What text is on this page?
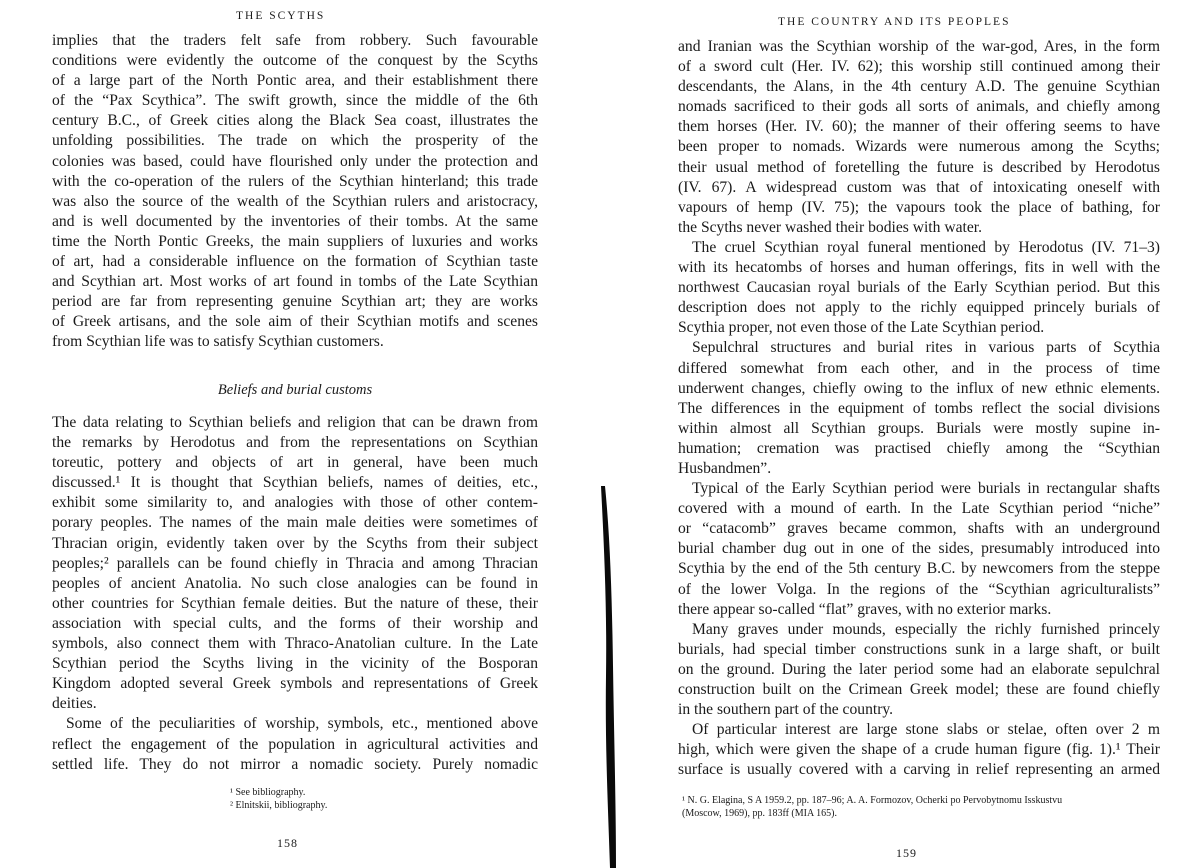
THE SCYTHS
implies that the traders felt safe from robbery. Such favourable
conditions were evidently the outcome of the conquest by the Scyths
of a large part of the North Pontic area, and their establishment there
of the “Pax Scythica”. The swift growth, since the middle of the 6th
century B.C., of Greek cities along the Black Sea coast, illustrates the
unfolding possibilities. The trade on which the prosperity of the
colonies was based, could have flourished only under the protection and
with the co-operation of the rulers of the Scythian hinterland; this trade
was also the source of the wealth of the Scythian rulers and aristocracy,
and is well documented by the inventories of their tombs. At the same
time the North Pontic Greeks, the main suppliers of luxuries and works
of art, had a considerable influence on the formation of Scythian taste
and Scythian art. Most works of art found in tombs of the Late Scythian
period are far from representing genuine Scythian art; they are works
of Greek artisans, and the sole aim of their Scythian motifs and scenes
from Scythian life was to satisfy Scythian customers.
Beliefs and burial customs
The data relating to Scythian beliefs and religion that can be drawn from
the remarks by Herodotus and from the representations on Scythian
toreutic, pottery and objects of art in general, have been much
discussed.¹ It is thought that Scythian beliefs, names of deities, etc.,
exhibit some similarity to, and analogies with those of other contem-
porary peoples. The names of the main male deities were sometimes of
Thracian origin, evidently taken over by the Scyths from their subject
peoples;² parallels can be found chiefly in Thracia and among Thracian
peoples of ancient Anatolia. No such close analogies can be found in
other countries for Scythian female deities. But the nature of these, their
association with special cults, and the forms of their worship and
symbols, also connect them with Thraco-Anatolian culture. In the Late
Scythian period the Scyths living in the vicinity of the Bosporan
Kingdom adopted several Greek symbols and representations of Greek
deities.
Some of the peculiarities of worship, symbols, etc., mentioned above
reflect the engagement of the population in agricultural activities and
settled life. They do not mirror a nomadic society. Purely nomadic
¹ See bibliography.
² Elnitskii, bibliography.
158
THE COUNTRY AND ITS PEOPLES
and Iranian was the Scythian worship of the war-god, Ares, in the form
of a sword cult (Her. IV. 62); this worship still continued among their
descendants, the Alans, in the 4th century A.D. The genuine Scythian
nomads sacrificed to their gods all sorts of animals, and chiefly among
them horses (Her. IV. 60); the manner of their offering seems to have
been proper to nomads. Wizards were numerous among the Scyths;
their usual method of foretelling the future is described by Herodotus
(IV. 67). A widespread custom was that of intoxicating oneself with
vapours of hemp (IV. 75); the vapours took the place of bathing, for
the Scyths never washed their bodies with water.
The cruel Scythian royal funeral mentioned by Herodotus (IV. 71–3)
with its hecatombs of horses and human offerings, fits in well with the
northwest Caucasian royal burials of the Early Scythian period. But this
description does not apply to the richly equipped princely burials of
Scythia proper, not even those of the Late Scythian period.
Sepulchral structures and burial rites in various parts of Scythia
differed somewhat from each other, and in the process of time
underwent changes, chiefly owing to the influx of new ethnic elements.
The differences in the equipment of tombs reflect the social divisions
within almost all Scythian groups. Burials were mostly supine in-
humation; cremation was practised chiefly among the “Scythian
Husbandmen”.
Typical of the Early Scythian period were burials in rectangular shafts
covered with a mound of earth. In the Late Scythian period “niche”
or “catacomb” graves became common, shafts with an underground
burial chamber dug out in one of the sides, presumably introduced into
Scythia by the end of the 5th century B.C. by newcomers from the steppe
of the lower Volga. In the regions of the “Scythian agriculturalists”
there appear so-called “flat” graves, with no exterior marks.
Many graves under mounds, especially the richly furnished princely
burials, had special timber constructions sunk in a large shaft, or built
on the ground. During the later period some had an elaborate sepulchral
construction built on the Crimean Greek model; these are found chiefly
in the southern part of the country.
Of particular interest are large stone slabs or stelae, often over 2 m
high, which were given the shape of a crude human figure (fig. 1).¹ Their
surface is usually covered with a carving in relief representing an armed
¹ N. G. Elagina, S A 1959.2, pp. 187–96; A. A. Formozov, Ocherki po Pervobytnomu Isskustvu
(Moscow, 1969), pp. 183ff (MIA 165).
159
